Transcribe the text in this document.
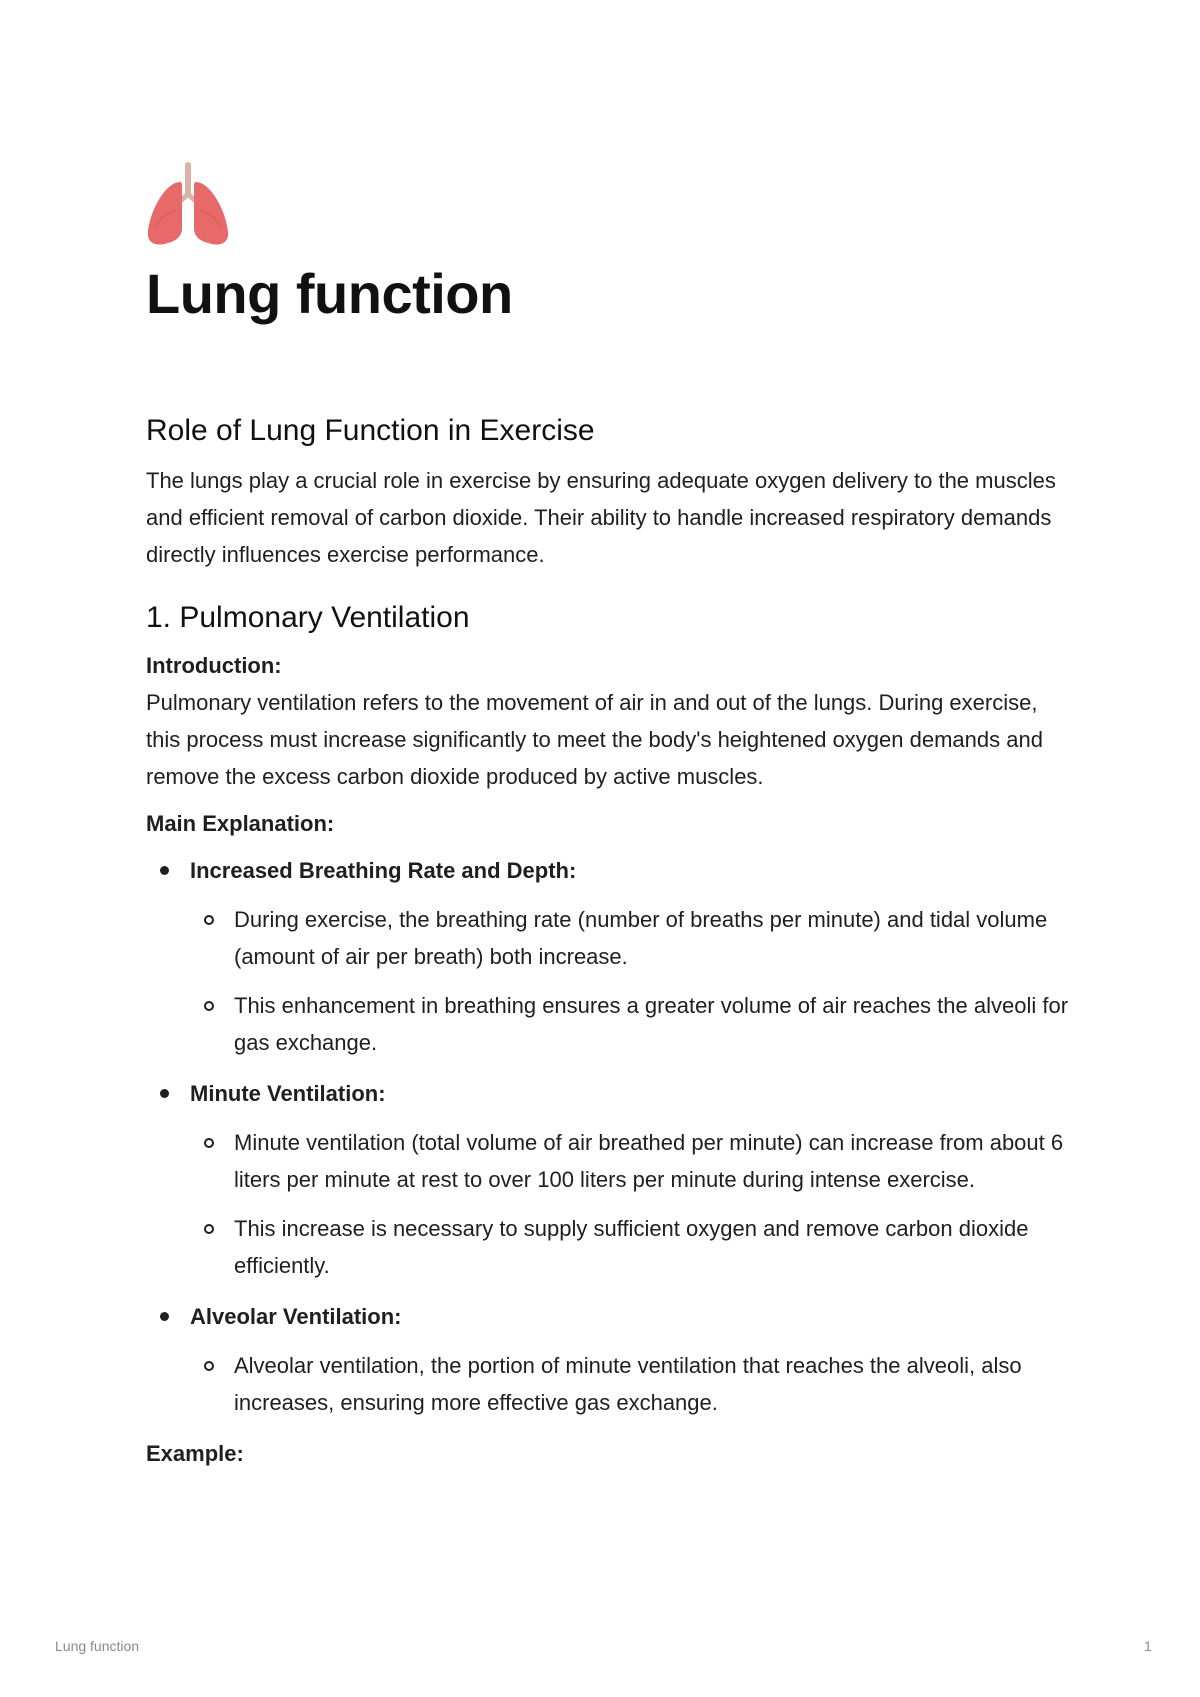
Lung function
Role of Lung Function in Exercise

The lungs play a crucial role in exercise by ensuring adequate oxygen delivery to the muscles and efficient removal of carbon dioxide. Their ability to handle increased respiratory demands directly influences exercise performance.

1. Pulmonary Ventilation
Introduction:

Pulmonary ventilation refers to the movement of air in and out of the lungs. During exercise, this process must increase significantly to meet the body's heightened oxygen demands and remove the excess carbon dioxide produced by active muscles.

Main Explanation:
Increased Breathing Rate and Depth:
During exercise, the breathing rate (number of breaths per minute) and tidal volume (amount of air per breath) both increase.
This enhancement in breathing ensures a greater volume of air reaches the alveoli for gas exchange.
Minute Ventilation:
Minute ventilation (total volume of air breathed per minute) can increase from about 6 liters per minute at rest to over 100 liters per minute during intense exercise.
This increase is necessary to supply sufficient oxygen and remove carbon dioxide efficiently.
Alveolar Ventilation:
Alveolar ventilation, the portion of minute ventilation that reaches the alveoli, also increases, ensuring more effective gas exchange.
Example:
Lung function	1
